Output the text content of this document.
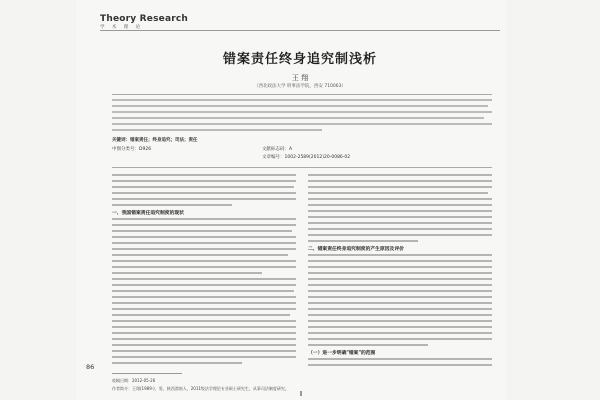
Theory Research
学 术 理 论
错案责任终身追究制浅析
王 翔
（西北政法大学 刑事法学院，西安 710063）
关键词：错案责任；终身追究；司法；责任
中图分类号：D926	文献标志码：A
文章编号：1002-2589(2012)20-0086-02
一、我国错案责任追究制度的现状
二、错案责任终身追究制度的产生原因及评价
（一）进一步明确"错案"的范围
收稿日期：2012-05-26
作者简介：王翔(1989-)，男，陕西渭南人，2011级法学理论专业硕士研究生，从事司法制度研究。
86
